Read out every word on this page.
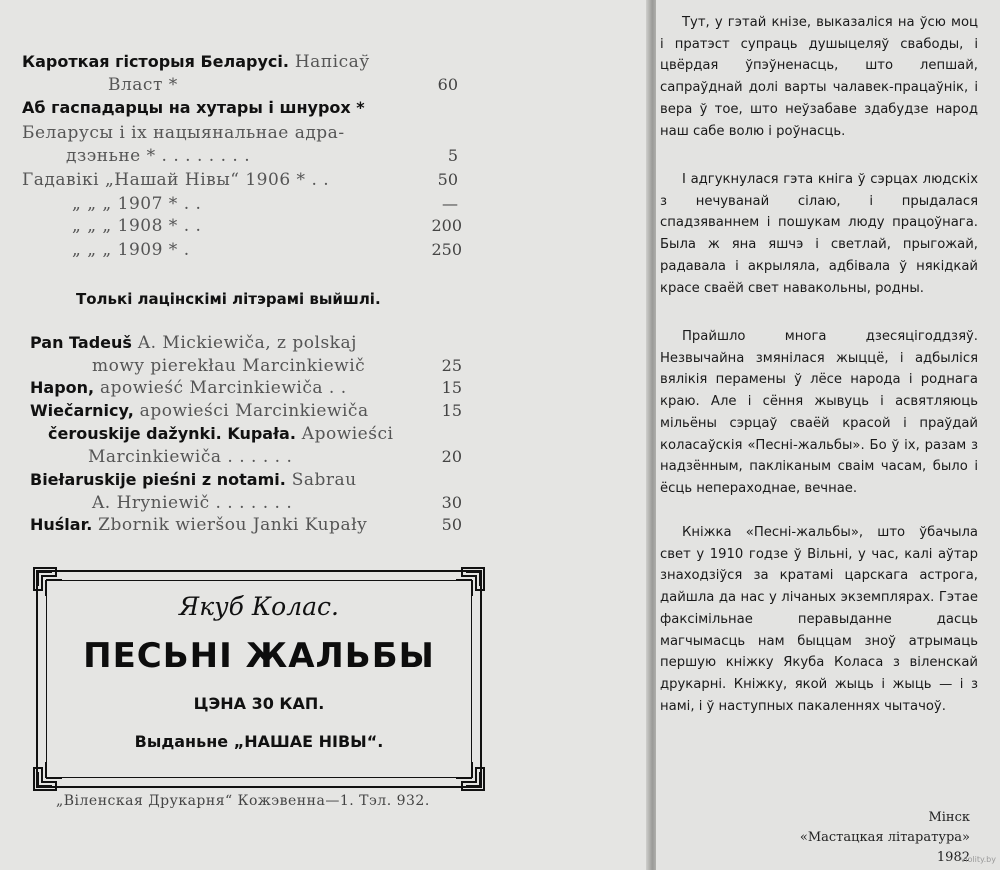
Кароткая гісторыя Беларусі. Напісаў
Власт *
Аб гаспадарцы на хутары і шнурох *
Беларусы і іх нацыянальнае адра-
дзэньне * . . . . . . . .
Гадавікі „Нашай Нівы“ 1906 * . .
„ „ „ 1907 * . .
„ „ „ 1908 * . .
„ „ „ 1909 * .
60
5
50
—
200
250
Толькі лацінскімі літэрамі выйшлі.
Pan Tadeuš A. Mickiewiča, z polskaj
mowy pierekłau Marcinkiewič
Hapon, apowieść Marcinkiewiča . .
Wiečarnicy, apowieści Marcinkiewiča
čerouskije dažynki. Kupała. Apowieści
Marcinkiewiča . . . . . .
Biełaruskije pieśni z notami. Sabrau
A. Hryniewič . . . . . . .
Huślar. Zbornik wieršou Janki Kupały
25
15
15
20
30
50
Якуб Колас.
ПЕСЬНІ ЖАЛЬБЫ
ЦЭНА 30 КАП.
Выданьне „НАШАЕ НІВЫ“.
„Віленская Друкарня“ Кожэвенна—1. Тэл. 932.

Тут, у гэтай кнізе, выказаліся на ўсю моц і пратэст супраць душыцеляў свабоды, і цвёрдая ўпэўненасць, што лепшай, сапраўднай долі варты чалавек-працаўнік, і вера ў тое, што неўзабаве здабудзе народ наш сабе волю і роўнасць.

І адгукнулася гэта кніга ў сэрцах людскіх з нечуванай сілаю, і прыдалася спадзяваннем і пошукам люду працоўнага. Была ж яна яшчэ і светлай, прыгожай, радавала і акрыляла, адбівала ў някідкай красе сваёй свет навакольны, родны.

Прайшло многа дзесяцігоддзяў. Незвычайна змянілася жыццё, і адбыліся вялікія перамены ў лёсе народа і роднага краю. Але і сёння жывуць і асвятляюць мільёны сэрцаў сваёй красой і праўдай коласаўскія «Песні-жальбы». Бо ў іх, разам з надзённым, пакліканым сваім часам, было і ёсць непераходнае, вечнае.

Кніжка «Песні-жальбы», што ўбачыла свет у 1910 годзе ў Вільні, у час, калі аўтар знаходзіўся за кратамі царскага астрога, дайшла да нас у лічаных экземплярах. Гэтае факсімільнае перавыданне дасць магчымасць нам быццам зноў атрымаць першую кніжку Якуба Коласа з віленскай друкарні. Кніжку, якой жыць і жыць — і з намі, і ў наступных пакаленнях чытачоў.

Мінск
«Мастацкая літаратура»
1982
violity.by
